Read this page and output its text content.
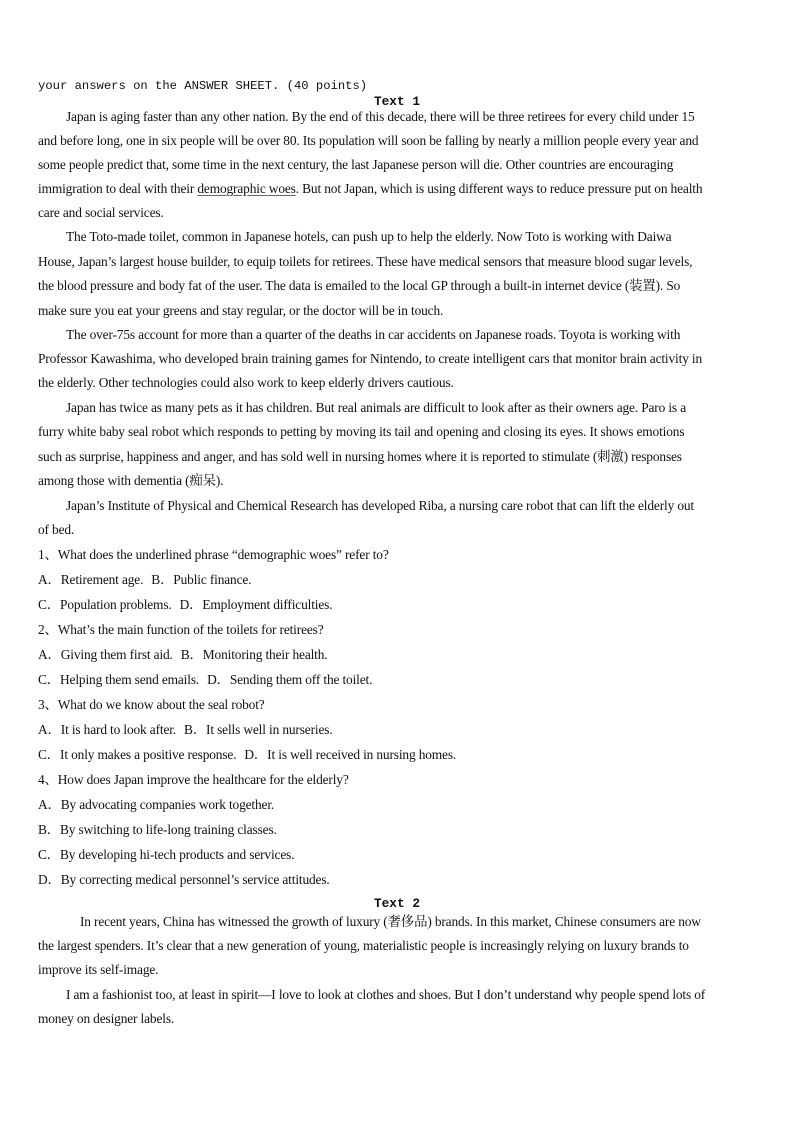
your answers on the ANSWER SHEET. (40 points)
Text 1
Japan is aging faster than any other nation. By the end of this decade, there will be three retirees for every child under 15
and before long, one in six people will be over 80. Its population will soon be falling by nearly a million people every year and
some people predict that, some time in the next century, the last Japanese person will die. Other countries are encouraging
immigration to deal with their demographic woes. But not Japan, which is using different ways to reduce pressure put on health
care and social services.
The Toto-made toilet, common in Japanese hotels, can push up to help the elderly. Now Toto is working with Daiwa
House, Japan’s largest house builder, to equip toilets for retirees. These have medical sensors that measure blood sugar levels,
the blood pressure and body fat of the user. The data is emailed to the local GP through a built-in internet device (装置). So
make sure you eat your greens and stay regular, or the doctor will be in touch.
The over-75s account for more than a quarter of the deaths in car accidents on Japanese roads. Toyota is working with
Professor Kawashima, who developed brain training games for Nintendo, to create intelligent cars that monitor brain activity in
the elderly. Other technologies could also work to keep elderly drivers cautious.
Japan has twice as many pets as it has children. But real animals are difficult to look after as their owners age. Paro is a
furry white baby seal robot which responds to petting by moving its tail and opening and closing its eyes. It shows emotions
such as surprise, happiness and anger, and has sold well in nursing homes where it is reported to stimulate (刺激) responses
among those with dementia (痴呆).
Japan’s Institute of Physical and Chemical Research has developed Riba, a nursing care robot that can lift the elderly out
of bed.
1、What does the underlined phrase “demographic woes” refer to?
A．Retirement age. B．Public finance.
C．Population problems. D．Employment difficulties.
2、What’s the main function of the toilets for retirees?
A．Giving them first aid. B．Monitoring their health.
C．Helping them send emails. D．Sending them off the toilet.
3、What do we know about the seal robot?
A．It is hard to look after. B．It sells well in nurseries.
C．It only makes a positive response. D．It is well received in nursing homes.
4、How does Japan improve the healthcare for the elderly?
A．By advocating companies work together.
B．By switching to life-long training classes.
C．By developing hi-tech products and services.
D．By correcting medical personnel’s service attitudes.
Text 2
In recent years, China has witnessed the growth of luxury (奢侈品) brands. In this market, Chinese consumers are now
the largest spenders. It’s clear that a new generation of young, materialistic people is increasingly relying on luxury brands to
improve its self-image.
I am a fashionist too, at least in spirit—I love to look at clothes and shoes. But I don’t understand why people spend lots of
money on designer labels.
